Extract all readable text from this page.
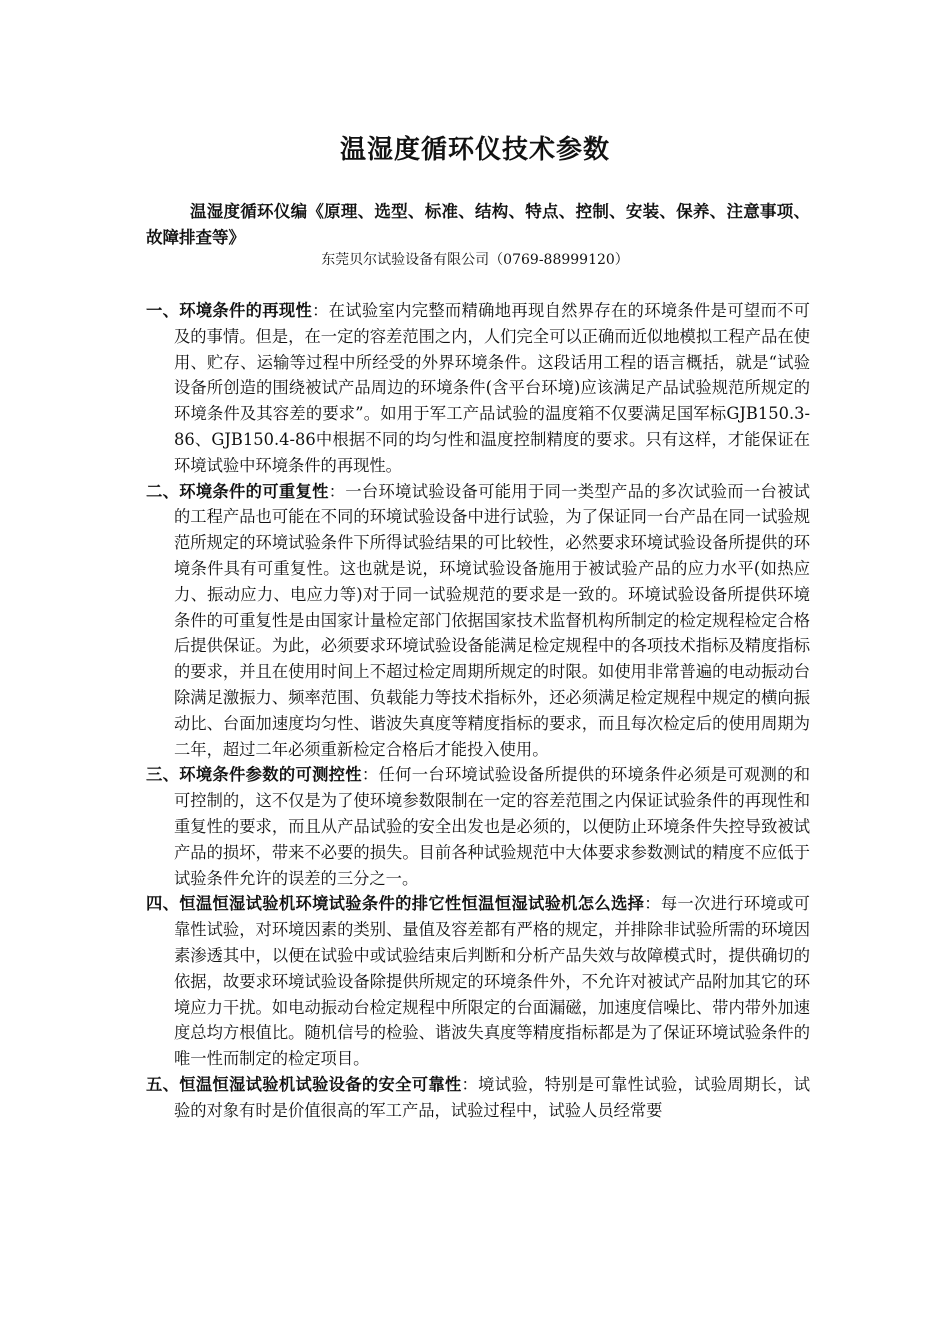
温湿度循环仪技术参数

温湿度循环仪编《原理、选型、标准、结构、特点、控制、安装、保养、注意事项、故障排查等》

东莞贝尔试验设备有限公司（0769-88999120）

一、环境条件的再现性：在试验室内完整而精确地再现自然界存在的环境条件是可望而不可及的事情。但是，在一定的容差范围之内，人们完全可以正确而近似地模拟工程产品在使用、贮存、运输等过程中所经受的外界环境条件。这段话用工程的语言概括，就是“试验设备所创造的围绕被试产品周边的环境条件(含平台环境)应该满足产品试验规范所规定的环境条件及其容差的要求”。如用于军工产品试验的温度箱不仅要满足国军标GJB150.3-86、GJB150.4-86中根据不同的均匀性和温度控制精度的要求。只有这样，才能保证在环境试验中环境条件的再现性。

二、环境条件的可重复性：一台环境试验设备可能用于同一类型产品的多次试验而一台被试的工程产品也可能在不同的环境试验设备中进行试验，为了保证同一台产品在同一试验规范所规定的环境试验条件下所得试验结果的可比较性，必然要求环境试验设备所提供的环境条件具有可重复性。这也就是说，环境试验设备施用于被试验产品的应力水平(如热应力、振动应力、电应力等)对于同一试验规范的要求是一致的。环境试验设备所提供环境条件的可重复性是由国家计量检定部门依据国家技术监督机构所制定的检定规程检定合格后提供保证。为此，必须要求环境试验设备能满足检定规程中的各项技术指标及精度指标的要求，并且在使用时间上不超过检定周期所规定的时限。如使用非常普遍的电动振动台除满足激振力、频率范围、负载能力等技术指标外，还必须满足检定规程中规定的横向振动比、台面加速度均匀性、谐波失真度等精度指标的要求，而且每次检定后的使用周期为二年，超过二年必须重新检定合格后才能投入使用。

三、环境条件参数的可测控性：任何一台环境试验设备所提供的环境条件必须是可观测的和可控制的，这不仅是为了使环境参数限制在一定的容差范围之内保证试验条件的再现性和重复性的要求，而且从产品试验的安全出发也是必须的，以便防止环境条件失控导致被试产品的损坏，带来不必要的损失。目前各种试验规范中大体要求参数测试的精度不应低于试验条件允许的误差的三分之一。

四、恒温恒湿试验机环境试验条件的排它性恒温恒湿试验机怎么选择：每一次进行环境或可靠性试验，对环境因素的类别、量值及容差都有严格的规定，并排除非试验所需的环境因素渗透其中，以便在试验中或试验结束后判断和分析产品失效与故障模式时，提供确切的依据，故要求环境试验设备除提供所规定的环境条件外，不允许对被试产品附加其它的环境应力干扰。如电动振动台检定规程中所限定的台面漏磁，加速度信噪比、带内带外加速度总均方根值比。随机信号的检验、谐波失真度等精度指标都是为了保证环境试验条件的唯一性而制定的检定项目。

五、恒温恒湿试验机试验设备的安全可靠性：境试验，特别是可靠性试验，试验周期长，试验的对象有时是价值很高的军工产品，试验过程中，试验人员经常要
